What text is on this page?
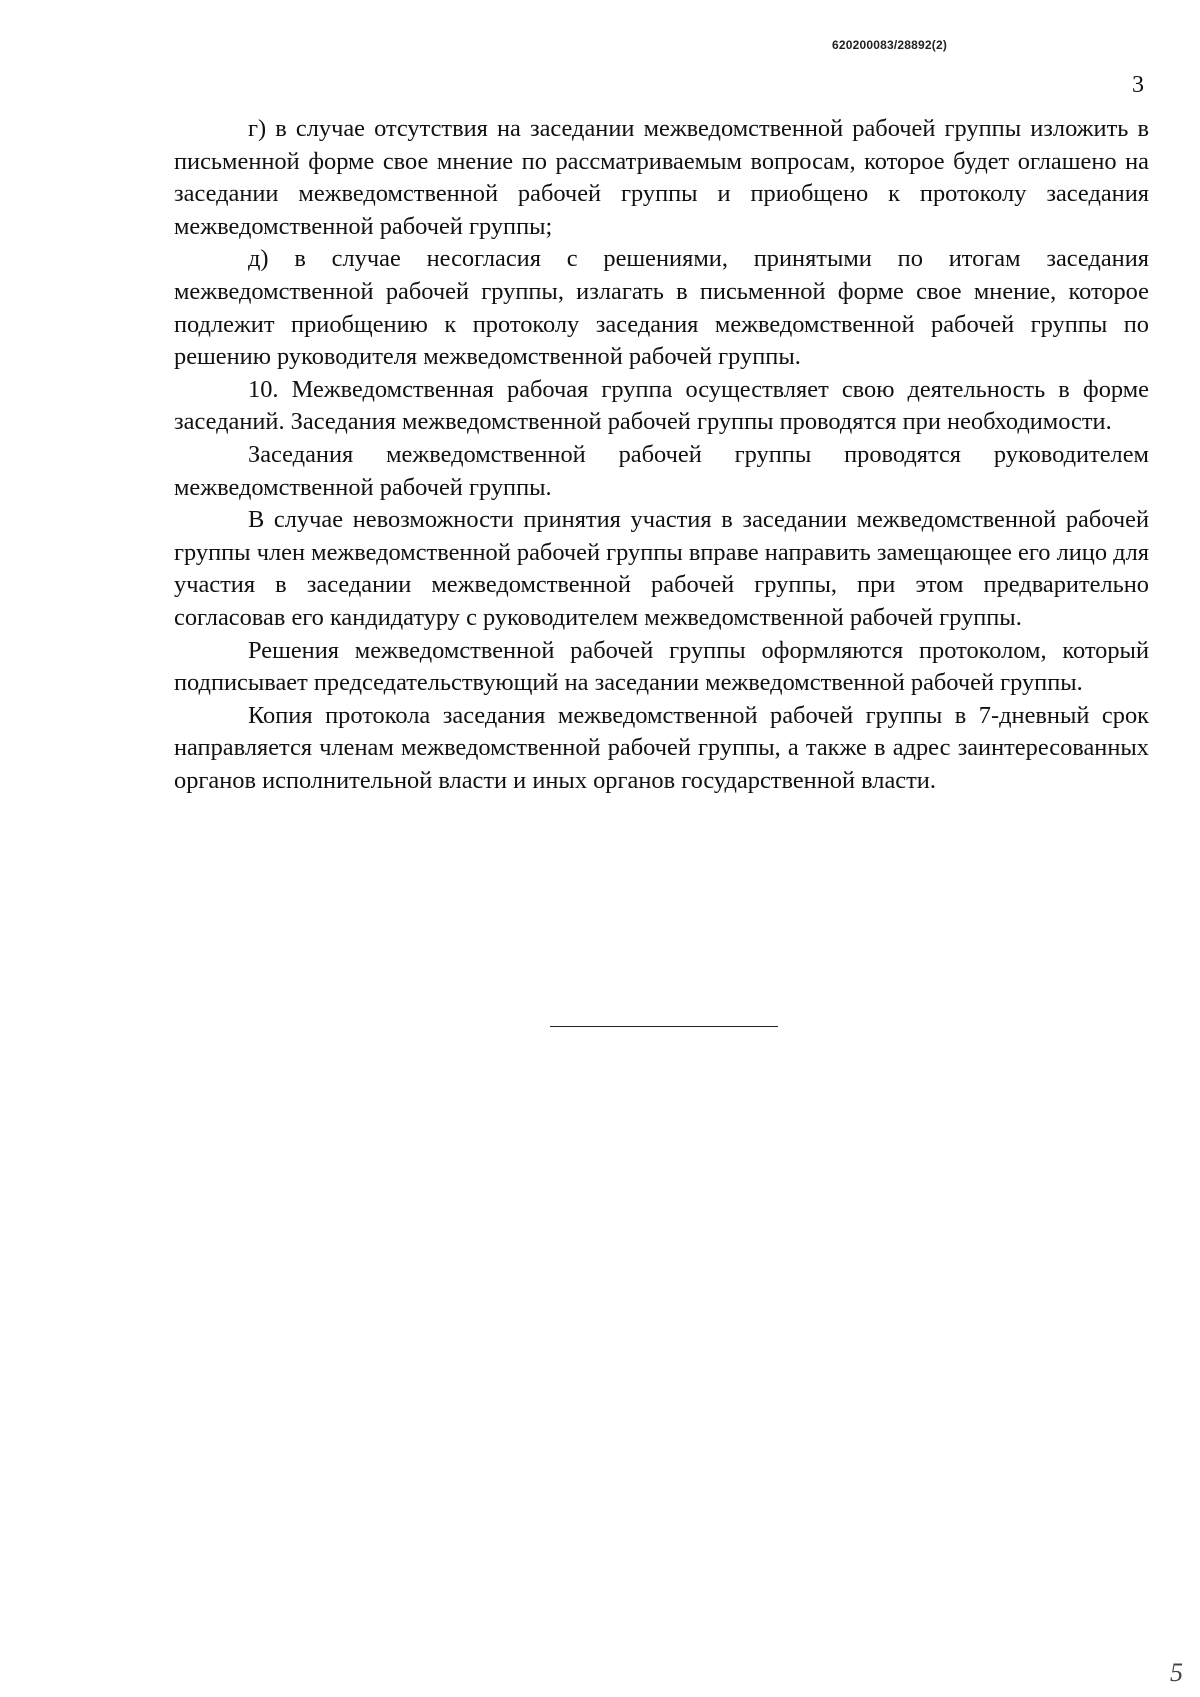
620200083/28892(2)
3

г) в случае отсутствия на заседании межведомственной рабочей группы изложить в письменной форме свое мнение по рассматриваемым вопросам, которое будет оглашено на заседании межведомственной рабочей группы и приобщено к протоколу заседания межведомственной рабочей группы;

д) в случае несогласия с решениями, принятыми по итогам заседания межведомственной рабочей группы, излагать в письменной форме свое мнение, которое подлежит приобщению к протоколу заседания межведомственной рабочей группы по решению руководителя межведомственной рабочей группы.

10. Межведомственная рабочая группа осуществляет свою деятельность в форме заседаний. Заседания межведомственной рабочей группы проводятся при необходимости.

Заседания межведомственной рабочей группы проводятся руководителем межведомственной рабочей группы.

В случае невозможности принятия участия в заседании межведомственной рабочей группы член межведомственной рабочей группы вправе направить замещающее его лицо для участия в заседании межведомственной рабочей группы, при этом предварительно согласовав его кандидатуру с руководителем межведомственной рабочей группы.

Решения межведомственной рабочей группы оформляются протоколом, который подписывает председательствующий на заседании межведомственной рабочей группы.

Копия протокола заседания межведомственной рабочей группы в 7-дневный срок направляется членам межведомственной рабочей группы, а также в адрес заинтересованных органов исполнительной власти и иных органов государственной власти.

5
